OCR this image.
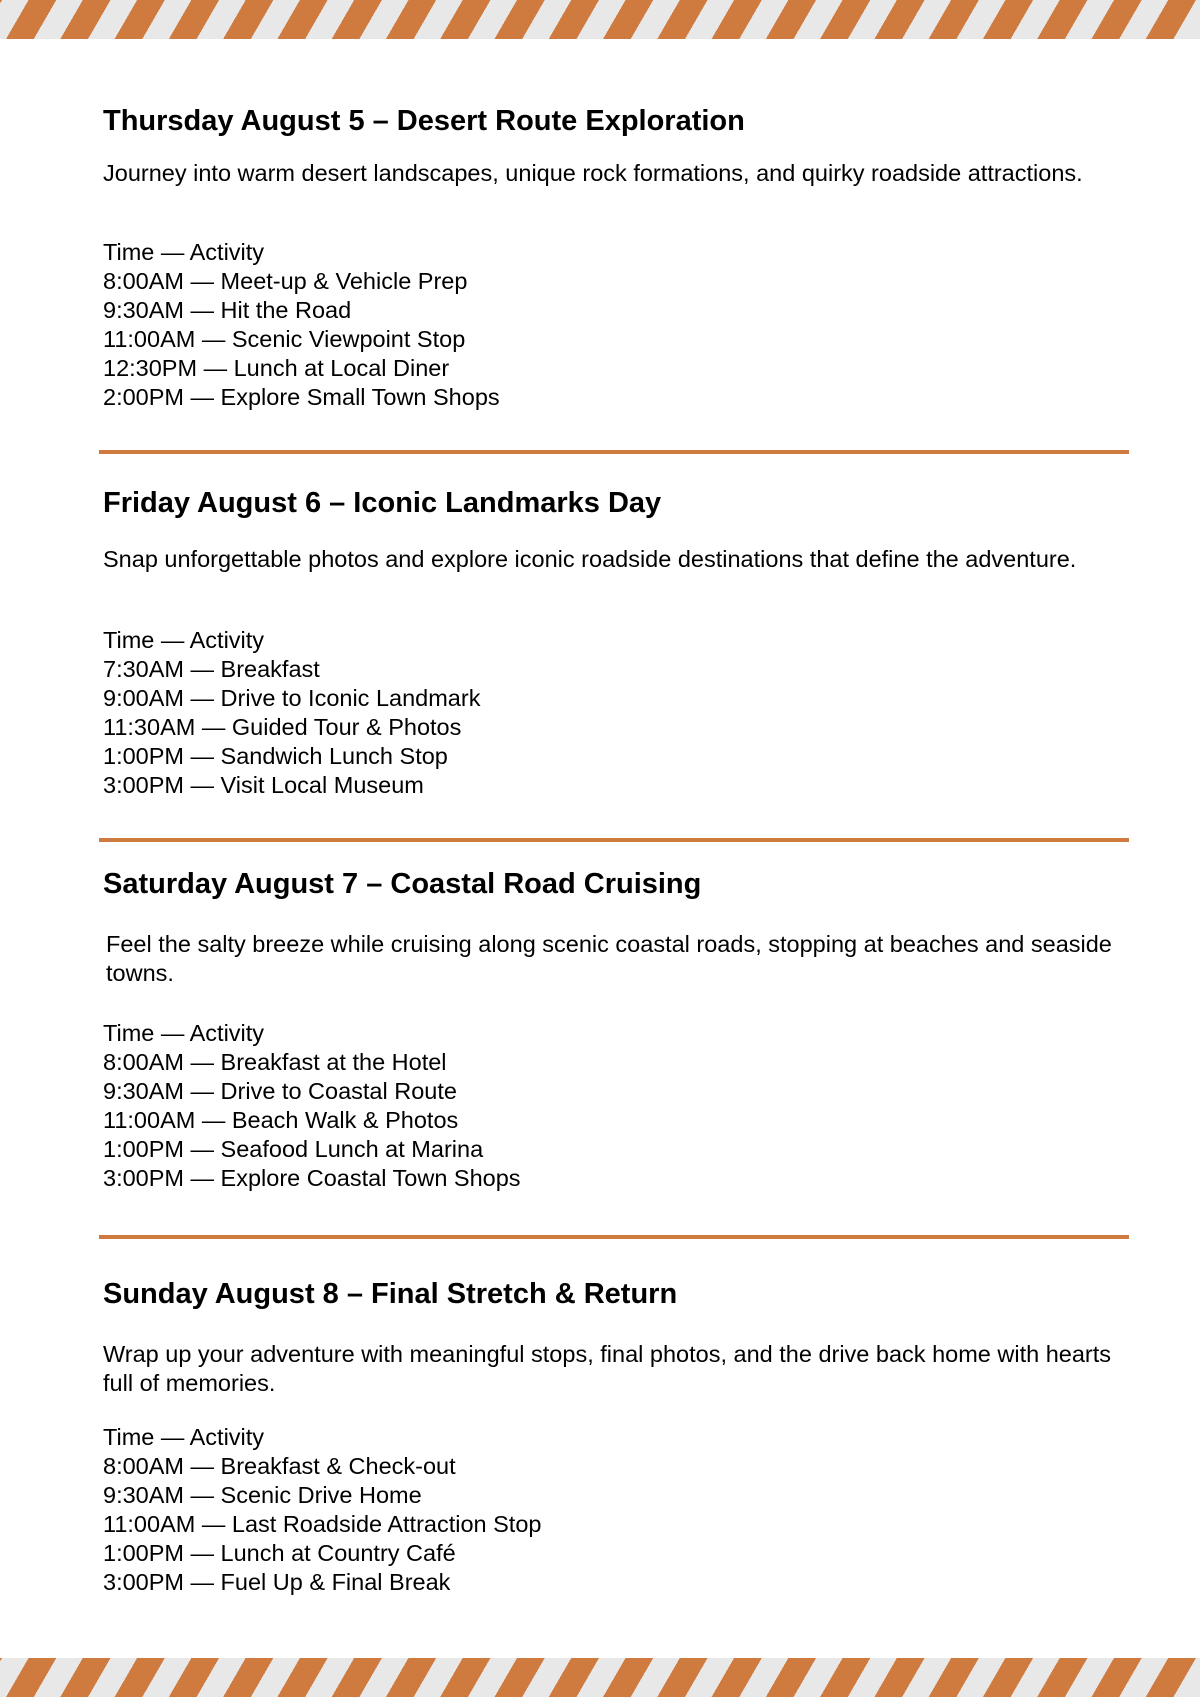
Thursday August 5 – Desert Route Exploration

Journey into warm desert landscapes, unique rock formations, and quirky roadside attractions.

Time — Activity
8:00AM — Meet-up & Vehicle Prep
9:30AM — Hit the Road
11:00AM — Scenic Viewpoint Stop
12:30PM — Lunch at Local Diner
2:00PM — Explore Small Town Shops
Friday August 6 – Iconic Landmarks Day

Snap unforgettable photos and explore iconic roadside destinations that define the adventure.

Time — Activity
7:30AM — Breakfast
9:00AM — Drive to Iconic Landmark
11:30AM — Guided Tour & Photos
1:00PM — Sandwich Lunch Stop
3:00PM — Visit Local Museum
Saturday August 7 – Coastal Road Cruising

Feel the salty breeze while cruising along scenic coastal roads, stopping at beaches and seaside towns.

Time — Activity
8:00AM — Breakfast at the Hotel
9:30AM — Drive to Coastal Route
11:00AM — Beach Walk & Photos
1:00PM — Seafood Lunch at Marina
3:00PM — Explore Coastal Town Shops
Sunday August 8 – Final Stretch & Return

Wrap up your adventure with meaningful stops, final photos, and the drive back home with hearts full of memories.

Time — Activity
8:00AM — Breakfast & Check-out
9:30AM — Scenic Drive Home
11:00AM — Last Roadside Attraction Stop
1:00PM — Lunch at Country Café
3:00PM — Fuel Up & Final Break
